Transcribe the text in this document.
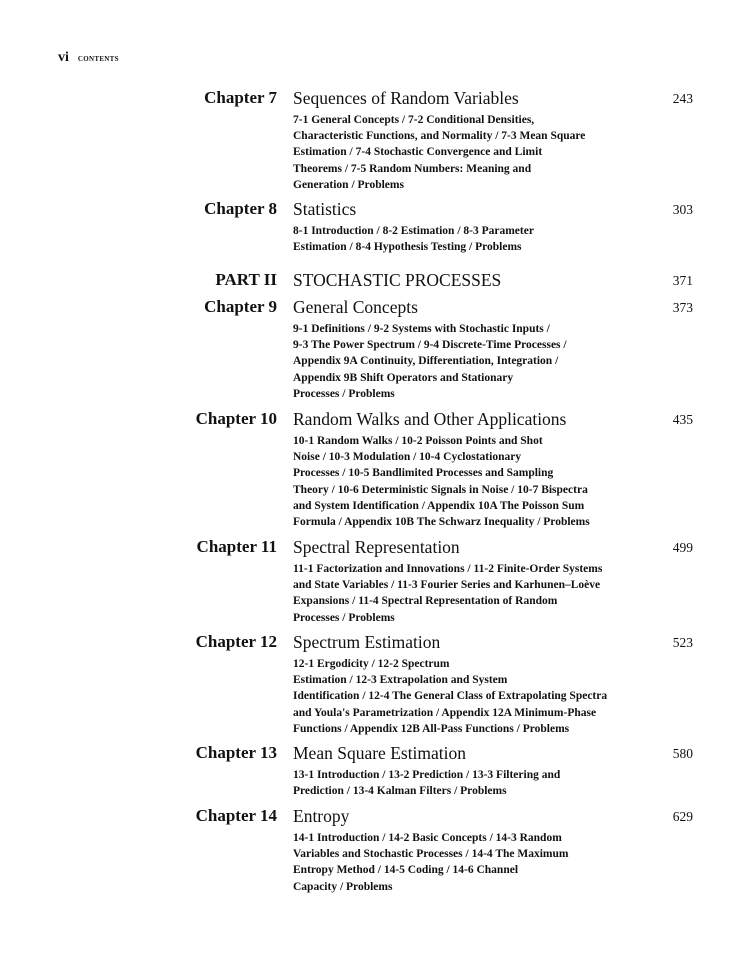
vi CONTENTS
Chapter 7 Sequences of Random Variables	243
7-1 General Concepts / 7-2 Conditional Densities,
Characteristic Functions, and Normality / 7-3 Mean Square
Estimation / 7-4 Stochastic Convergence and Limit
Theorems / 7-5 Random Numbers: Meaning and
Generation / Problems
Chapter 8 Statistics	303
8-1 Introduction / 8-2 Estimation / 8-3 Parameter
Estimation / 8-4 Hypothesis Testing / Problems
PART II STOCHASTIC PROCESSES	371
Chapter 9 General Concepts	373
9-1 Definitions / 9-2 Systems with Stochastic Inputs /
9-3 The Power Spectrum / 9-4 Discrete-Time Processes /
Appendix 9A Continuity, Differentiation, Integration /
Appendix 9B Shift Operators and Stationary
Processes / Problems
Chapter 10 Random Walks and Other Applications	435
10-1 Random Walks / 10-2 Poisson Points and Shot
Noise / 10-3 Modulation / 10-4 Cyclostationary
Processes / 10-5 Bandlimited Processes and Sampling
Theory / 10-6 Deterministic Signals in Noise / 10-7 Bispectra
and System Identification / Appendix 10A The Poisson Sum
Formula / Appendix 10B The Schwarz Inequality / Problems
Chapter 11 Spectral Representation	499
11-1 Factorization and Innovations / 11-2 Finite-Order Systems
and State Variables / 11-3 Fourier Series and Karhunen–Loève
Expansions / 11-4 Spectral Representation of Random
Processes / Problems
Chapter 12 Spectrum Estimation	523
12-1 Ergodicity / 12-2 Spectrum
Estimation / 12-3 Extrapolation and System
Identification / 12-4 The General Class of Extrapolating Spectra
and Youla's Parametrization / Appendix 12A Minimum-Phase
Functions / Appendix 12B All-Pass Functions / Problems
Chapter 13 Mean Square Estimation	580
13-1 Introduction / 13-2 Prediction / 13-3 Filtering and
Prediction / 13-4 Kalman Filters / Problems
Chapter 14 Entropy	629
14-1 Introduction / 14-2 Basic Concepts / 14-3 Random
Variables and Stochastic Processes / 14-4 The Maximum
Entropy Method / 14-5 Coding / 14-6 Channel
Capacity / Problems
